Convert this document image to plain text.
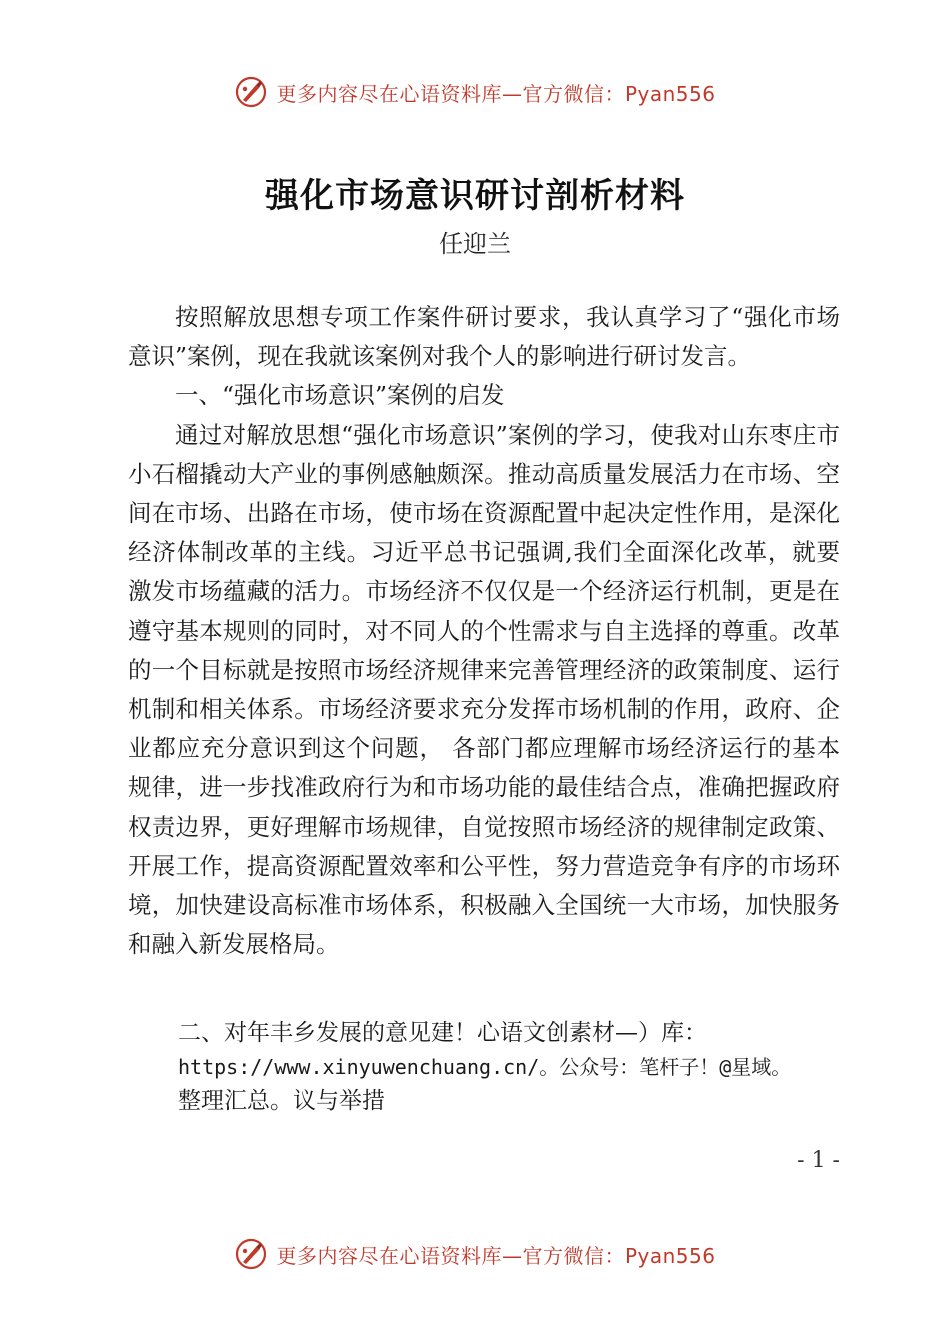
更多内容尽在心语资料库—官方微信：Pyan556
强化市场意识研讨剖析材料
任迎兰

按照解放思想专项工作案件研讨要求，我认真学习了“强化市场意识”案例，现在我就该案例对我个人的影响进行研讨发言。

一、“强化市场意识”案例的启发

通过对解放思想“强化市场意识”案例的学习，使我对山东枣庄市小石榴撬动大产业的事例感触颇深。推动高质量发展活力在市场、空间在市场、出路在市场，使市场在资源配置中起决定性作用，是深化经济体制改革的主线。习近平总书记强调,我们全面深化改革，就要激发市场蕴藏的活力。市场经济不仅仅是一个经济运行机制，更是在遵守基本规则的同时，对不同人的个性需求与自主选择的尊重。改革的一个目标就是按照市场经济规律来完善管理经济的政策制度、运行机制和相关体系。市场经济要求充分发挥市场机制的作用，政府、企业都应充分意识到这个问题， 各部门都应理解市场经济运行的基本规律，进一步找准政府行为和市场功能的最佳结合点，准确把握政府权责边界，更好理解市场规律，自觉按照市场经济的规律制定政策、开展工作，提高资源配置效率和公平性，努力营造竞争有序的市场环境，加快建设高标准市场体系，积极融入全国统一大市场，加快服务和融入新发展格局。

二、对年丰乡发展的意见建！心语文创素材—）库：
https://www.xinyuwenchuang.cn/。公众号：笔杆子！@星域。
整理汇总。议与举措
- 1 -
更多内容尽在心语资料库—官方微信：Pyan556
